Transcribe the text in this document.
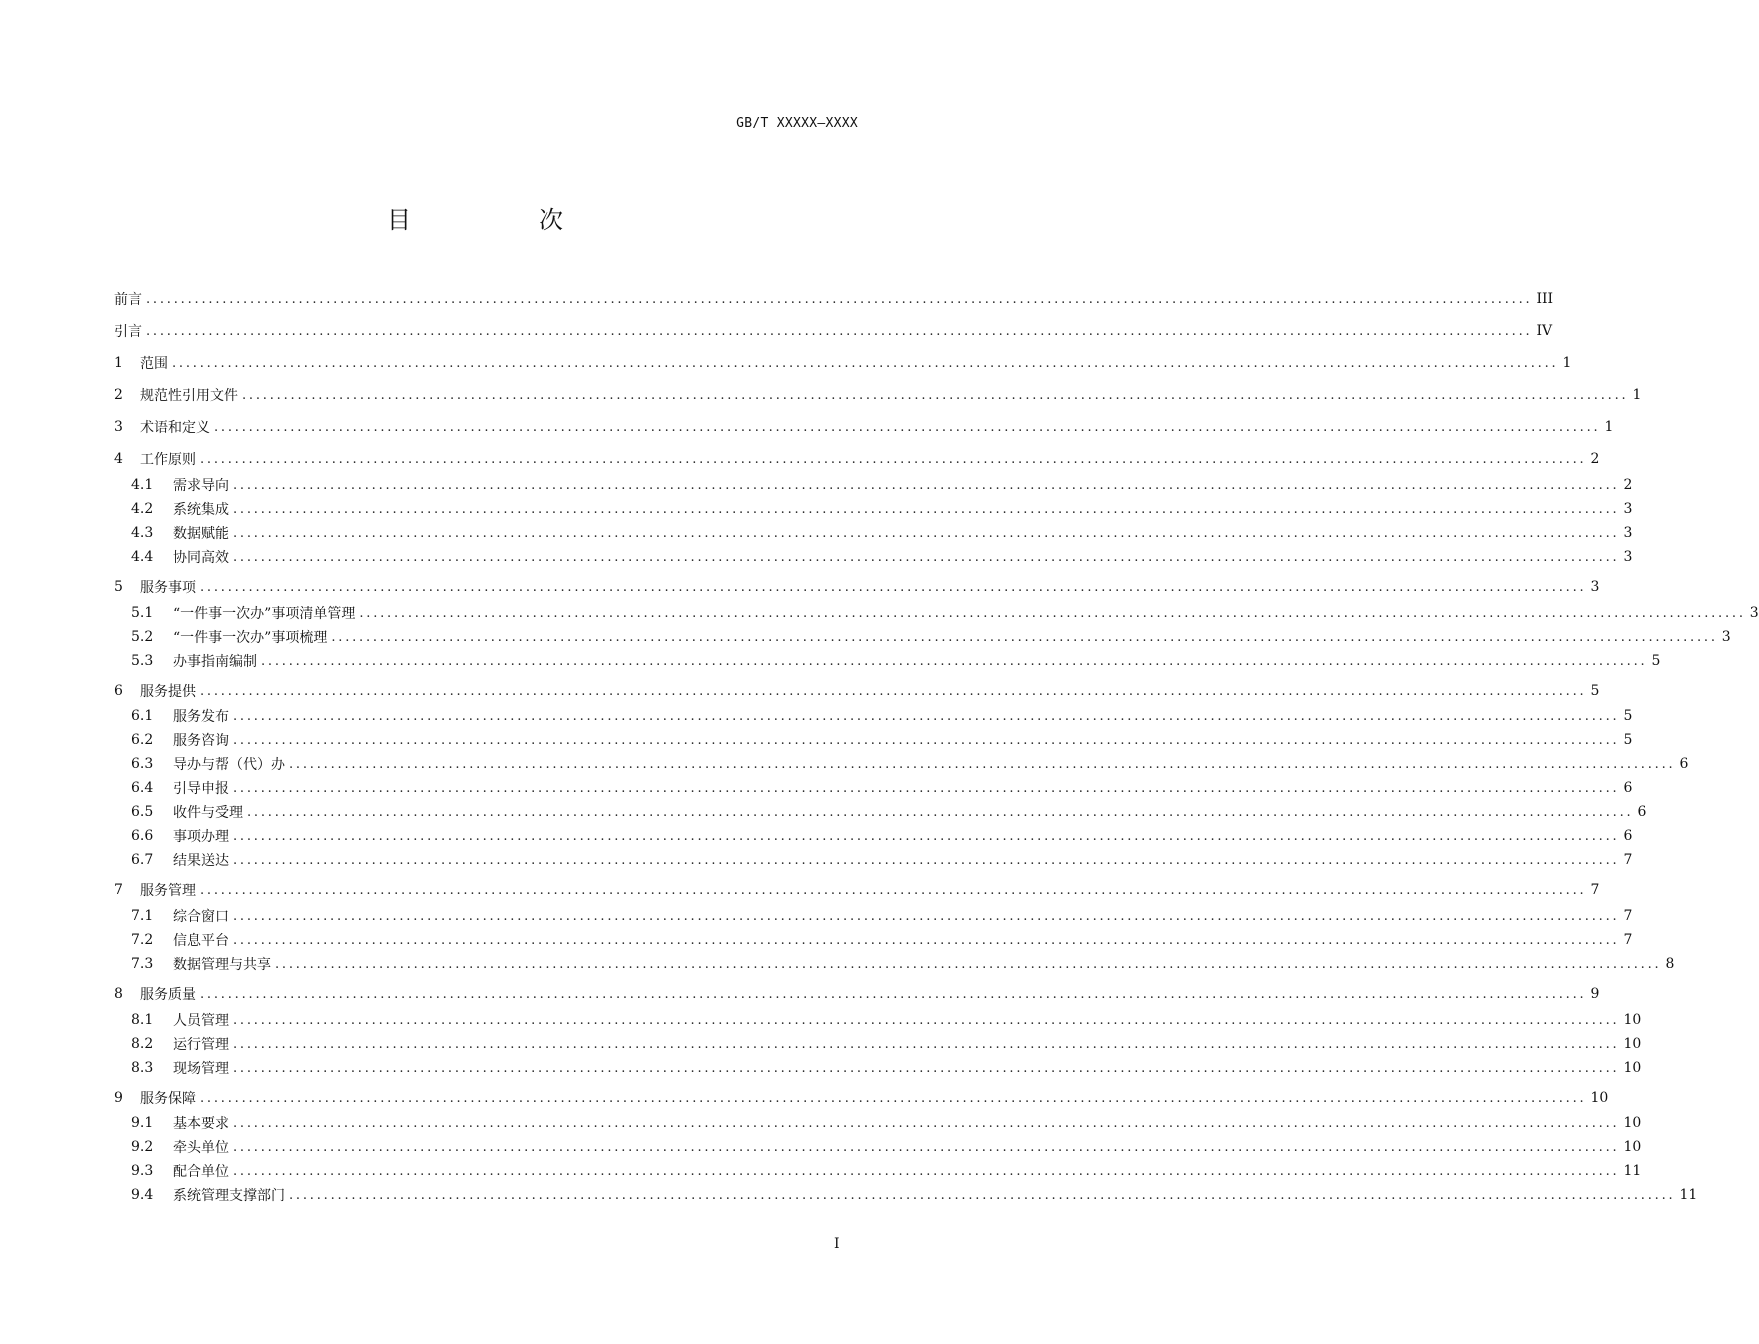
GB/T XXXXX—XXXX
目　次
前言 ........................................................................................................................................................................................................ III
引言 ........................................................................................................................................................................................................ IV
1	范围 ........................................................................................................................................................................................................ 1
2	规范性引用文件 ........................................................................................................................................................................................................ 1
3	术语和定义 ........................................................................................................................................................................................................ 1
4	工作原则 ........................................................................................................................................................................................................ 2
4.1	需求导向 ........................................................................................................................................................................................................ 2
4.2	系统集成 ........................................................................................................................................................................................................ 3
4.3	数据赋能 ........................................................................................................................................................................................................ 3
4.4	协同高效 ........................................................................................................................................................................................................ 3
5	服务事项 ........................................................................................................................................................................................................ 3
5.1	“一件事一次办”事项清单管理 ........................................................................................................................................................................................................ 3
5.2	“一件事一次办”事项梳理 ........................................................................................................................................................................................................ 3
5.3	办事指南编制 ........................................................................................................................................................................................................ 5
6	服务提供 ........................................................................................................................................................................................................ 5
6.1	服务发布 ........................................................................................................................................................................................................ 5
6.2	服务咨询 ........................................................................................................................................................................................................ 5
6.3	导办与帮（代）办 ........................................................................................................................................................................................................ 6
6.4	引导申报 ........................................................................................................................................................................................................ 6
6.5	收件与受理 ........................................................................................................................................................................................................ 6
6.6	事项办理 ........................................................................................................................................................................................................ 6
6.7	结果送达 ........................................................................................................................................................................................................ 7
7	服务管理 ........................................................................................................................................................................................................ 7
7.1	综合窗口 ........................................................................................................................................................................................................ 7
7.2	信息平台 ........................................................................................................................................................................................................ 7
7.3	数据管理与共享 ........................................................................................................................................................................................................ 8
8	服务质量 ........................................................................................................................................................................................................ 9
8.1	人员管理 ........................................................................................................................................................................................................ 10
8.2	运行管理 ........................................................................................................................................................................................................ 10
8.3	现场管理 ........................................................................................................................................................................................................ 10
9	服务保障 ........................................................................................................................................................................................................ 10
9.1	基本要求 ........................................................................................................................................................................................................ 10
9.2	牵头单位 ........................................................................................................................................................................................................ 10
9.3	配合单位 ........................................................................................................................................................................................................ 11
9.4	系统管理支撑部门 ........................................................................................................................................................................................................ 11
I
